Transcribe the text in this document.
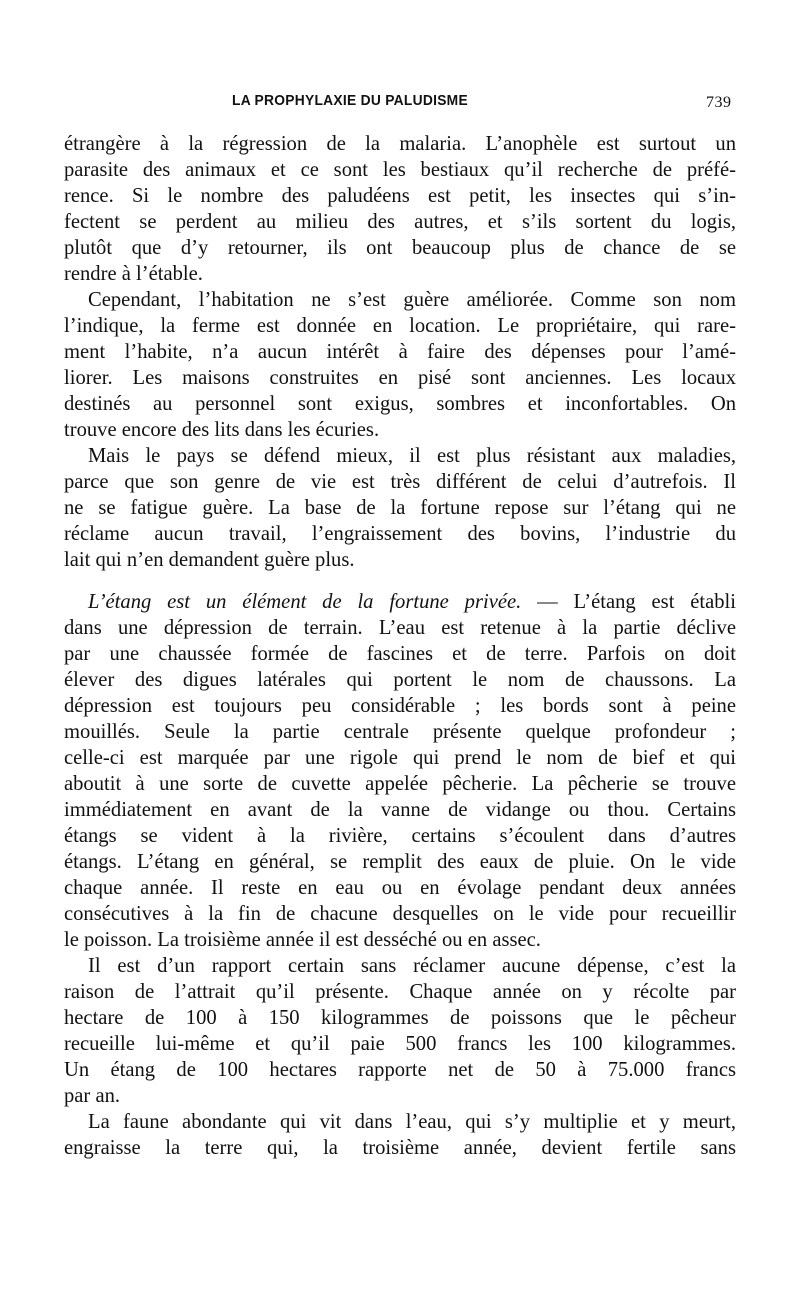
LA PROPHYLAXIE DU PALUDISME	739
étrangère à la régression de la malaria. L’anophèle est surtout un
parasite des animaux et ce sont les bestiaux qu’il recherche de préfé-
rence. Si le nombre des paludéens est petit, les insectes qui s’in-
fectent se perdent au milieu des autres, et s’ils sortent du logis,
plutôt que d’y retourner, ils ont beaucoup plus de chance de se
rendre à l’étable.
Cependant, l’habitation ne s’est guère améliorée. Comme son nom
l’indique, la ferme est donnée en location. Le propriétaire, qui rare-
ment l’habite, n’a aucun intérêt à faire des dépenses pour l’amé-
liorer. Les maisons construites en pisé sont anciennes. Les locaux
destinés au personnel sont exigus, sombres et inconfortables. On
trouve encore des lits dans les écuries.
Mais le pays se défend mieux, il est plus résistant aux maladies,
parce que son genre de vie est très différent de celui d’autrefois. Il
ne se fatigue guère. La base de la fortune repose sur l’étang qui ne
réclame aucun travail, l’engraissement des bovins, l’industrie du
lait qui n’en demandent guère plus.
L’étang est un élément de la fortune privée. — L’étang est établi
dans une dépression de terrain. L’eau est retenue à la partie déclive
par une chaussée formée de fascines et de terre. Parfois on doit
élever des digues latérales qui portent le nom de chaussons. La
dépression est toujours peu considérable ; les bords sont à peine
mouillés. Seule la partie centrale présente quelque profondeur ;
celle-ci est marquée par une rigole qui prend le nom de bief et qui
aboutit à une sorte de cuvette appelée pêcherie. La pêcherie se trouve
immédiatement en avant de la vanne de vidange ou thou. Certains
étangs se vident à la rivière, certains s’écoulent dans d’autres
étangs. L’étang en général, se remplit des eaux de pluie. On le vide
chaque année. Il reste en eau ou en évolage pendant deux années
consécutives à la fin de chacune desquelles on le vide pour recueillir
le poisson. La troisième année il est desséché ou en assec.
Il est d’un rapport certain sans réclamer aucune dépense, c’est la
raison de l’attrait qu’il présente. Chaque année on y récolte par
hectare de 100 à 150 kilogrammes de poissons que le pêcheur
recueille lui-même et qu’il paie 500 francs les 100 kilogrammes.
Un étang de 100 hectares rapporte net de 50 à 75.000 francs
par an.
La faune abondante qui vit dans l’eau, qui s’y multiplie et y meurt,
engraisse la terre qui, la troisième année, devient fertile sans
